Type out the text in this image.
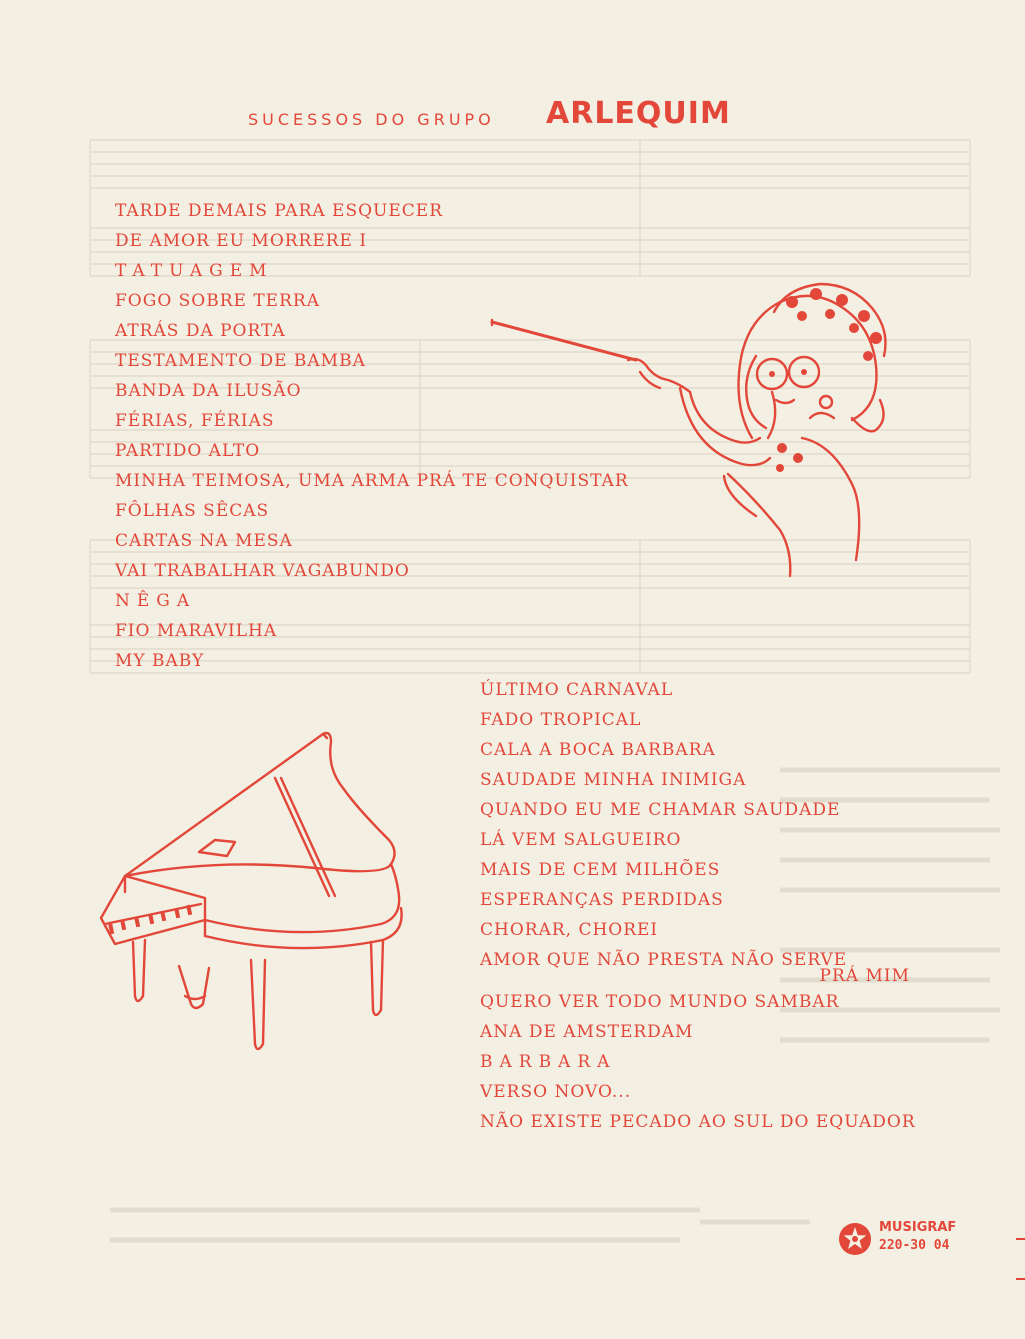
SUCESSOS DO GRUPO ARLEQUIM
TARDE DEMAIS PARA ESQUECER
DE AMOR EU MORRERE I
TATUAGEM
FOGO SOBRE TERRA
ATRÁS DA PORTA
TESTAMENTO DE BAMBA
BANDA DA ILUSÃO
FÉRIAS, FÉRIAS
PARTIDO ALTO
MINHA TEIMOSA, UMA ARMA PRÁ TE CONQUISTAR
FÔLHAS SÊCAS
CARTAS NA MESA
VAI TRABALHAR VAGABUNDO
NÊGA
FIO MARAVILHA
MY BABY
ÚLTIMO CARNAVAL
FADO TROPICAL
CALA A BOCA BARBARA
SAUDADE MINHA INIMIGA
QUANDO EU ME CHAMAR SAUDADE
LÁ VEM SALGUEIRO
MAIS DE CEM MILHÕES
ESPERANÇAS PERDIDAS
CHORAR, CHOREI
AMOR QUE NÃO PRESTA NÃO SERVE
PRÁ MIM
QUERO VER TODO MUNDO SAMBAR
ANA DE AMSTERDAM
BARBARA
VERSO NOVO...
NÃO EXISTE PECADO AO SUL DO EQUADOR
MUSIGRAF
220-30 04
